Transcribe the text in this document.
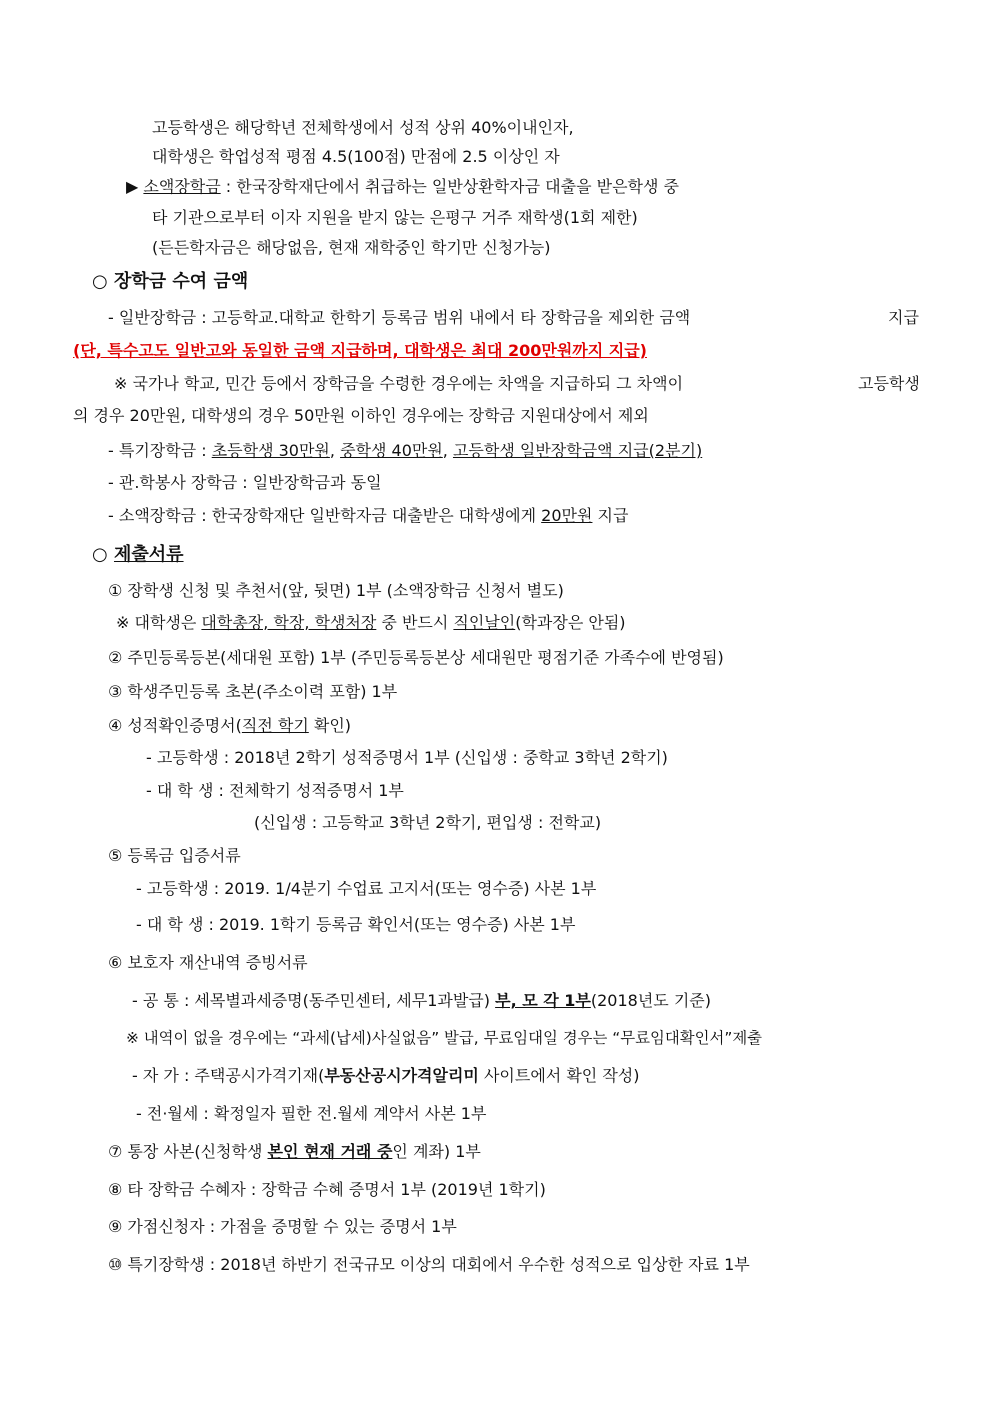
고등학생은 해당학년 전체학생에서 성적 상위 40%이내인자,
대학생은 학업성적 평점 4.5(100점) 만점에 2.5 이상인 자
▶ 소액장학금 : 한국장학재단에서 취급하는 일반상환학자금 대출을 받은학생 중
타 기관으로부터 이자 지원을 받지 않는 은평구 거주 재학생(1회 제한)
(든든학자금은 해당없음, 현재 재학중인 학기만 신청가능)
○ 장학금 수여 금액
- 일반장학금 : 고등학교.대학교 한학기 등록금 범위 내에서 타 장학금을 제외한 금액	지급
(단, 특수고도 일반고와 동일한 금액 지급하며, 대학생은 최대 200만원까지 지급)
※ 국가나 학교, 민간 등에서 장학금을 수령한 경우에는 차액을 지급하되 그 차액이	고등학생
의 경우 20만원, 대학생의 경우 50만원 이하인 경우에는 장학금 지원대상에서 제외
- 특기장학금 : 초등학생 30만원, 중학생 40만원, 고등학생 일반장학금액 지급(2분기)
- 관.학봉사 장학금 : 일반장학금과 동일
- 소액장학금 : 한국장학재단 일반학자금 대출받은 대학생에게 20만원 지급
○ 제출서류
① 장학생 신청 및 추천서(앞, 뒷면) 1부 (소액장학금 신청서 별도)
※ 대학생은 대학총장, 학장, 학생처장 중 반드시 직인날인(학과장은 안됨)
② 주민등록등본(세대원 포함) 1부 (주민등록등본상 세대원만 평점기준 가족수에 반영됨)
③ 학생주민등록 초본(주소이력 포함) 1부
④ 성적확인증명서(직전 학기 확인)
- 고등학생 : 2018년 2학기 성적증명서 1부 (신입생 : 중학교 3학년 2학기)
- 대 학 생 : 전체학기 성적증명서 1부
(신입생 : 고등학교 3학년 2학기, 편입생 : 전학교)
⑤ 등록금 입증서류
- 고등학생 : 2019. 1/4분기 수업료 고지서(또는 영수증) 사본 1부
- 대 학 생 : 2019. 1학기 등록금 확인서(또는 영수증) 사본 1부
⑥ 보호자 재산내역 증빙서류
- 공 통 : 세목별과세증명(동주민센터, 세무1과발급) 부, 모 각 1부(2018년도 기준)
※ 내역이 없을 경우에는 “과세(납세)사실없음” 발급, 무료임대일 경우는 “무료임대확인서”제출
- 자 가 : 주택공시가격기재(부동산공시가격알리미 사이트에서 확인 작성)
- 전·월세 : 확정일자 필한 전.월세 계약서 사본 1부
⑦ 통장 사본(신청학생 본인 현재 거래 중인 계좌) 1부
⑧ 타 장학금 수혜자 : 장학금 수혜 증명서 1부 (2019년 1학기)
⑨ 가점신청자 : 가점을 증명할 수 있는 증명서 1부
⑩ 특기장학생 : 2018년 하반기 전국규모 이상의 대회에서 우수한 성적으로 입상한 자료 1부
